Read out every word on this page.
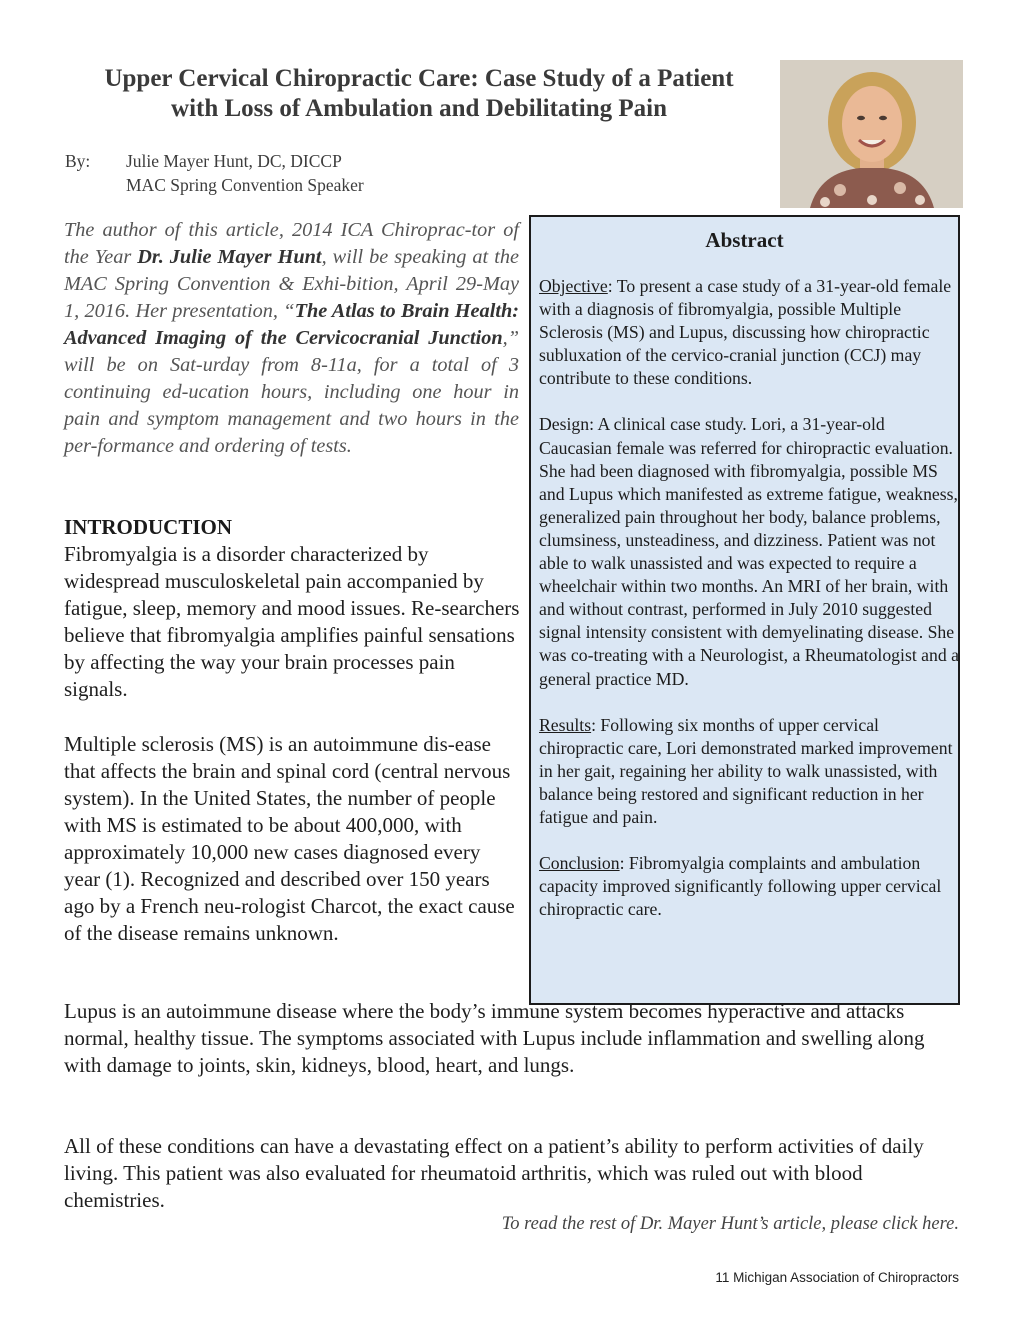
Upper Cervical Chiropractic Care: Case Study of a Patient
with Loss of Ambulation and Debilitating Pain
By: Julie Mayer Hunt, DC, DICCP
MAC Spring Convention Speaker
The author of this article, 2014 ICA Chiroprac-tor of the Year Dr. Julie Mayer Hunt, will be speaking at the MAC Spring Convention & Exhi-bition, April 29-May 1, 2016. Her presentation, “The Atlas to Brain Health: Advanced Imaging of the Cervicocranial Junction,” will be on Sat-urday from 8-11a, for a total of 3 continuing ed-ucation hours, including one hour in pain and symptom management and two hours in the per-formance and ordering of tests.
INTRODUCTION
Fibromyalgia is a disorder characterized by widespread musculoskeletal pain accompanied by fatigue, sleep, memory and mood issues. Re-searchers believe that fibromyalgia amplifies painful sensations by affecting the way your brain processes pain signals.
Multiple sclerosis (MS) is an autoimmune dis-ease that affects the brain and spinal cord (central nervous system). In the United States, the number of people with MS is estimated to be about 400,000, with approximately 10,000 new cases diagnosed every year (1). Recognized and described over 150 years ago by a French neu-rologist Charcot, the exact cause of the disease remains unknown.
Abstract

Objective: To present a case study of a 31-year-old female with a diagnosis of fibromyalgia, possible Multiple Sclerosis (MS) and Lupus, discussing how chiropractic subluxation of the cervico-cranial junction (CCJ) may contribute to these conditions.

Design: A clinical case study. Lori, a 31-year-old Caucasian female was referred for chiropractic evaluation. She had been diagnosed with fibromyalgia, possible MS and Lupus which manifested as extreme fatigue, weakness, generalized pain throughout her body, balance problems, clumsiness, unsteadiness, and dizziness. Patient was not able to walk unassisted and was expected to require a wheelchair within two months. An MRI of her brain, with and without contrast, performed in July 2010 suggested signal intensity consistent with demyelinating disease. She was co-treating with a Neurologist, a Rheumatologist and a general practice MD.

Results: Following six months of upper cervical chiropractic care, Lori demonstrated marked improvement in her gait, regaining her ability to walk unassisted, with balance being restored and significant reduction in her fatigue and pain.

Conclusion: Fibromyalgia complaints and ambulation capacity improved significantly following upper cervical chiropractic care.

Lupus is an autoimmune disease where the body’s immune system becomes hyperactive and attacks normal, healthy tissue. The symptoms associated with Lupus include inflammation and swelling along with damage to joints, skin, kidneys, blood, heart, and lungs.
All of these conditions can have a devastating effect on a patient’s ability to perform activities of daily living. This patient was also evaluated for rheumatoid arthritis, which was ruled out with blood chemistries.
To read the rest of Dr. Mayer Hunt’s article, please click here.
11 Michigan Association of Chiropractors
